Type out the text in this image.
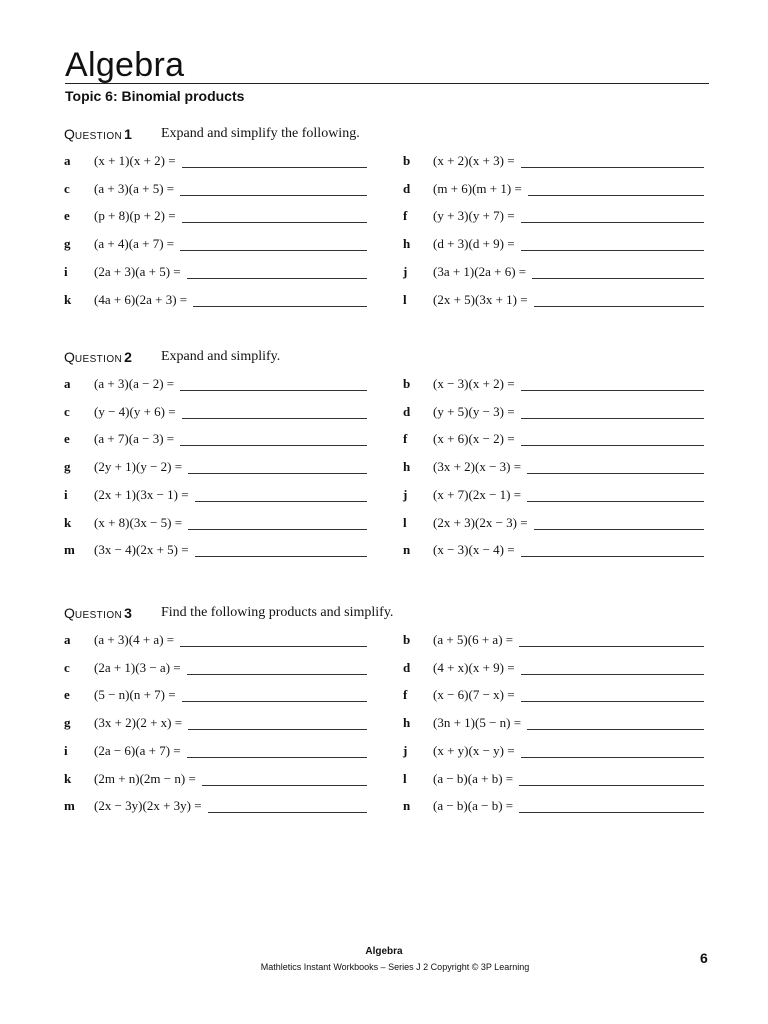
Algebra
Topic 6: Binomial products
QUESTION 1 Expand and simplify the following.
a (x + 1)(x + 2) =	b (x + 2)(x + 3) =
c (a + 3)(a + 5) =	d (m + 6)(m + 1) =
e (p + 8)(p + 2) =	f (y + 3)(y + 7) =
g (a + 4)(a + 7) =	h (d + 3)(d + 9) =
i (2a + 3)(a + 5) =	j (3a + 1)(2a + 6) =
k (4a + 6)(2a + 3) =	l (2x + 5)(3x + 1) =
QUESTION 2 Expand and simplify.
a (a + 3)(a − 2) =	b (x − 3)(x + 2) =
c (y − 4)(y + 6) =	d (y + 5)(y − 3) =
e (a + 7)(a − 3) =	f (x + 6)(x − 2) =
g (2y + 1)(y − 2) =	h (3x + 2)(x − 3) =
i (2x + 1)(3x − 1) =	j (x + 7)(2x − 1) =
k (x + 8)(3x − 5) =	l (2x + 3)(2x − 3) =
m (3x − 4)(2x + 5) =	n (x − 3)(x − 4) =
QUESTION 3 Find the following products and simplify.
a (a + 3)(4 + a) =	b (a + 5)(6 + a) =
c (2a + 1)(3 − a) =	d (4 + x)(x + 9) =
e (5 − n)(n + 7) =	f (x − 6)(7 − x) =
g (3x + 2)(2 + x) =	h (3n + 1)(5 − n) =
i (2a − 6)(a + 7) =	j (x + y)(x − y) =
k (2m + n)(2m − n) =	l (a − b)(a + b) =
m (2x − 3y)(2x + 3y) =	n (a − b)(a − b) =
Algebra
Mathletics Instant Workbooks – Series J 2 Copyright © 3P Learning
6
